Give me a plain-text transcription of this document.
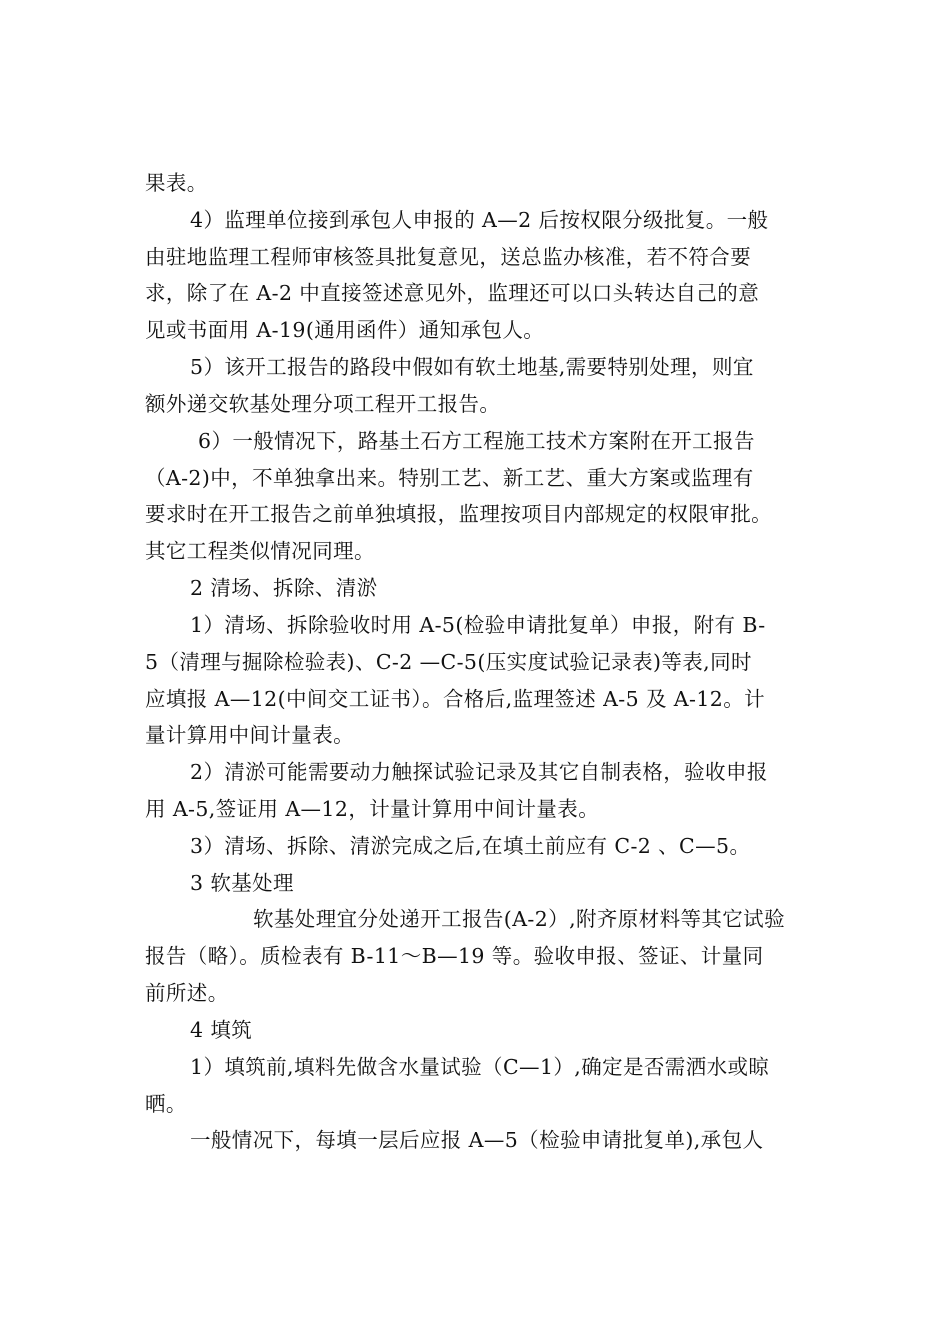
果表。
4）监理单位接到承包人申报的 A—2 后按权限分级批复。一般
由驻地监理工程师审核签具批复意见，送总监办核准，若不符合要
求，除了在 A-2 中直接签述意见外，监理还可以口头转达自己的意
见或书面用 A-19(通用函件）通知承包人。
5）该开工报告的路段中假如有软土地基,需要特别处理，则宜
额外递交软基处理分项工程开工报告。
6）一般情况下，路基土石方工程施工技术方案附在开工报告
（A-2)中，不单独拿出来。特别工艺、新工艺、重大方案或监理有
要求时在开工报告之前单独填报，监理按项目内部规定的权限审批。
其它工程类似情况同理。
2 清场、拆除、清淤
1）清场、拆除验收时用 A-5(检验申请批复单）申报，附有 B-
5（清理与掘除检验表)、C-2 —C-5(压实度试验记录表)等表,同时
应填报 A—12(中间交工证书）。合格后,监理签述 A-5 及 A-12。计
量计算用中间计量表。
2）清淤可能需要动力触探试验记录及其它自制表格，验收申报
用 A-5,签证用 A—12，计量计算用中间计量表。
3）清场、拆除、清淤完成之后,在填土前应有 C-2 、C—5。
3 软基处理
软基处理宜分处递开工报告(A-2）,附齐原材料等其它试验
报告（略）。质检表有 B-11～B—19 等。验收申报、签证、计量同
前所述。
4 填筑
1）填筑前,填料先做含水量试验（C—1）,确定是否需洒水或晾
晒。
一般情况下，每填一层后应报 A—5（检验申请批复单),承包人
